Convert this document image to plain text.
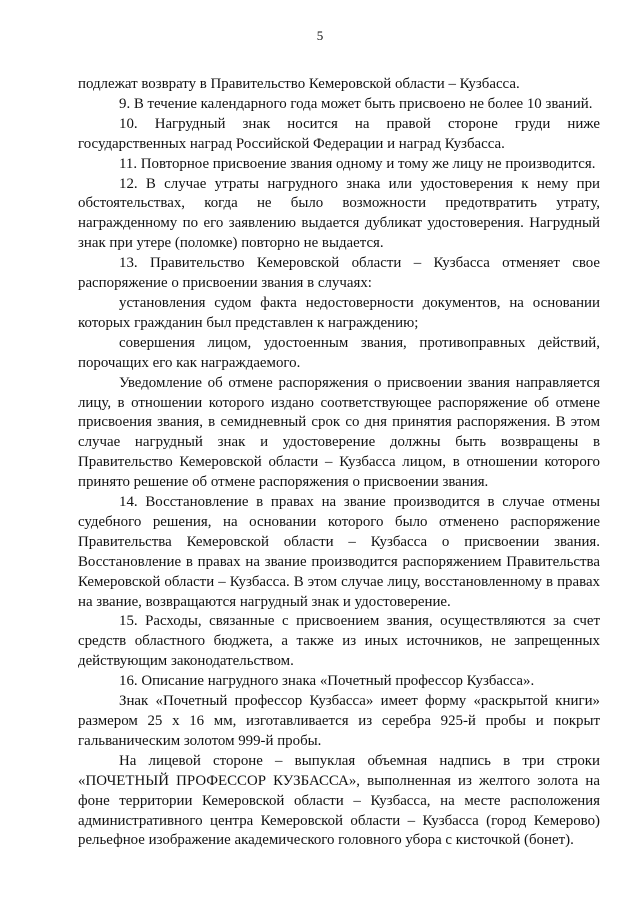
5

подлежат возврату в Правительство Кемеровской области – Кузбасса.

9. В течение календарного года может быть присвоено не более 10 званий.

10. Нагрудный знак носится на правой стороне груди ниже государственных наград Российской Федерации и наград Кузбасса.

11. Повторное присвоение звания одному и тому же лицу не производится.

12. В случае утраты нагрудного знака или удостоверения к нему при обстоятельствах, когда не было возможности предотвратить утрату, награжденному по его заявлению выдается дубликат удостоверения. Нагрудный знак при утере (поломке) повторно не выдается.

13. Правительство Кемеровской области – Кузбасса отменяет свое распоряжение о присвоении звания в случаях:

установления судом факта недостоверности документов, на основании которых гражданин был представлен к награждению;

совершения лицом, удостоенным звания, противоправных действий, порочащих его как награждаемого.

Уведомление об отмене распоряжения о присвоении звания направляется лицу, в отношении которого издано соответствующее распоряжение об отмене присвоения звания, в семидневный срок со дня принятия распоряжения. В этом случае нагрудный знак и удостоверение должны быть возвращены в Правительство Кемеровской области – Кузбасса лицом, в отношении которого принято решение об отмене распоряжения о присвоении звания.

14. Восстановление в правах на звание производится в случае отмены судебного решения, на основании которого было отменено распоряжение Правительства Кемеровской области – Кузбасса о присвоении звания. Восстановление в правах на звание производится распоряжением Правительства Кемеровской области – Кузбасса. В этом случае лицу, восстановленному в правах на звание, возвращаются нагрудный знак и удостоверение.

15. Расходы, связанные с присвоением звания, осуществляются за счет средств областного бюджета, а также из иных источников, не запрещенных действующим законодательством.

16. Описание нагрудного знака «Почетный профессор Кузбасса».

Знак «Почетный профессор Кузбасса» имеет форму «раскрытой книги» размером 25 х 16 мм, изготавливается из серебра 925-й пробы и покрыт гальваническим золотом 999-й пробы.

На лицевой стороне – выпуклая объемная надпись в три строки «ПОЧЕТНЫЙ ПРОФЕССОР КУЗБАССА», выполненная из желтого золота на фоне территории Кемеровской области – Кузбасса, на месте расположения административного центра Кемеровской области – Кузбасса (город Кемерово) рельефное изображение академического головного убора с кисточкой (бонет).
